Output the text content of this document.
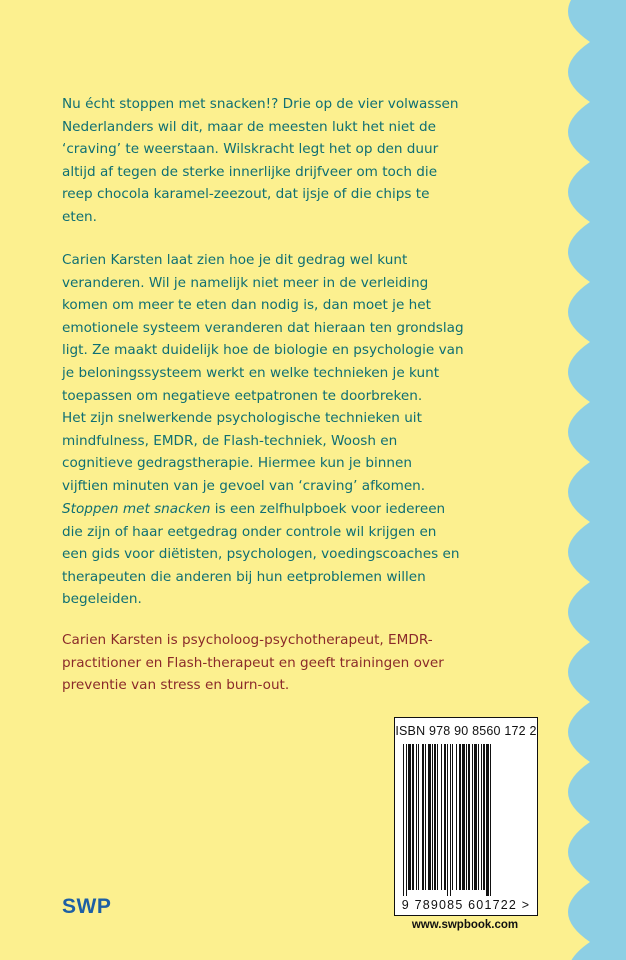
Nu écht stoppen met snacken!? Drie op de vier volwassen
Nederlanders wil dit, maar de meesten lukt het niet de
‘craving’ te weerstaan. Wilskracht legt het op den duur
altijd af tegen de sterke innerlijke drijfveer om toch die
reep chocola karamel-zeezout, dat ijsje of die chips te
eten.
Carien Karsten laat zien hoe je dit gedrag wel kunt
veranderen. Wil je namelijk niet meer in de verleiding
komen om meer te eten dan nodig is, dan moet je het
emotionele systeem veranderen dat hieraan ten grondslag
ligt. Ze maakt duidelijk hoe de biologie en psychologie van
je beloningssysteem werkt en welke technieken je kunt
toepassen om negatieve eetpatronen te doorbreken.
Het zijn snelwerkende psychologische technieken uit
mindfulness, EMDR, de Flash-techniek, Woosh en
cognitieve gedragstherapie. Hiermee kun je binnen
vijftien minuten van je gevoel van ‘craving’ afkomen.
Stoppen met snacken is een zelfhulpboek voor iedereen
die zijn of haar eetgedrag onder controle wil krijgen en
een gids voor diëtisten, psychologen, voedingscoaches en
therapeuten die anderen bij hun eetproblemen willen
begeleiden.
Carien Karsten is psycholoog-psychotherapeut, EMDR-
practitioner en Flash-therapeut en geeft trainingen over
preventie van stress en burn-out.
ISBN 978 90 8560 172 2
9 789085 601722 >
www.swpbook.com
SWP
